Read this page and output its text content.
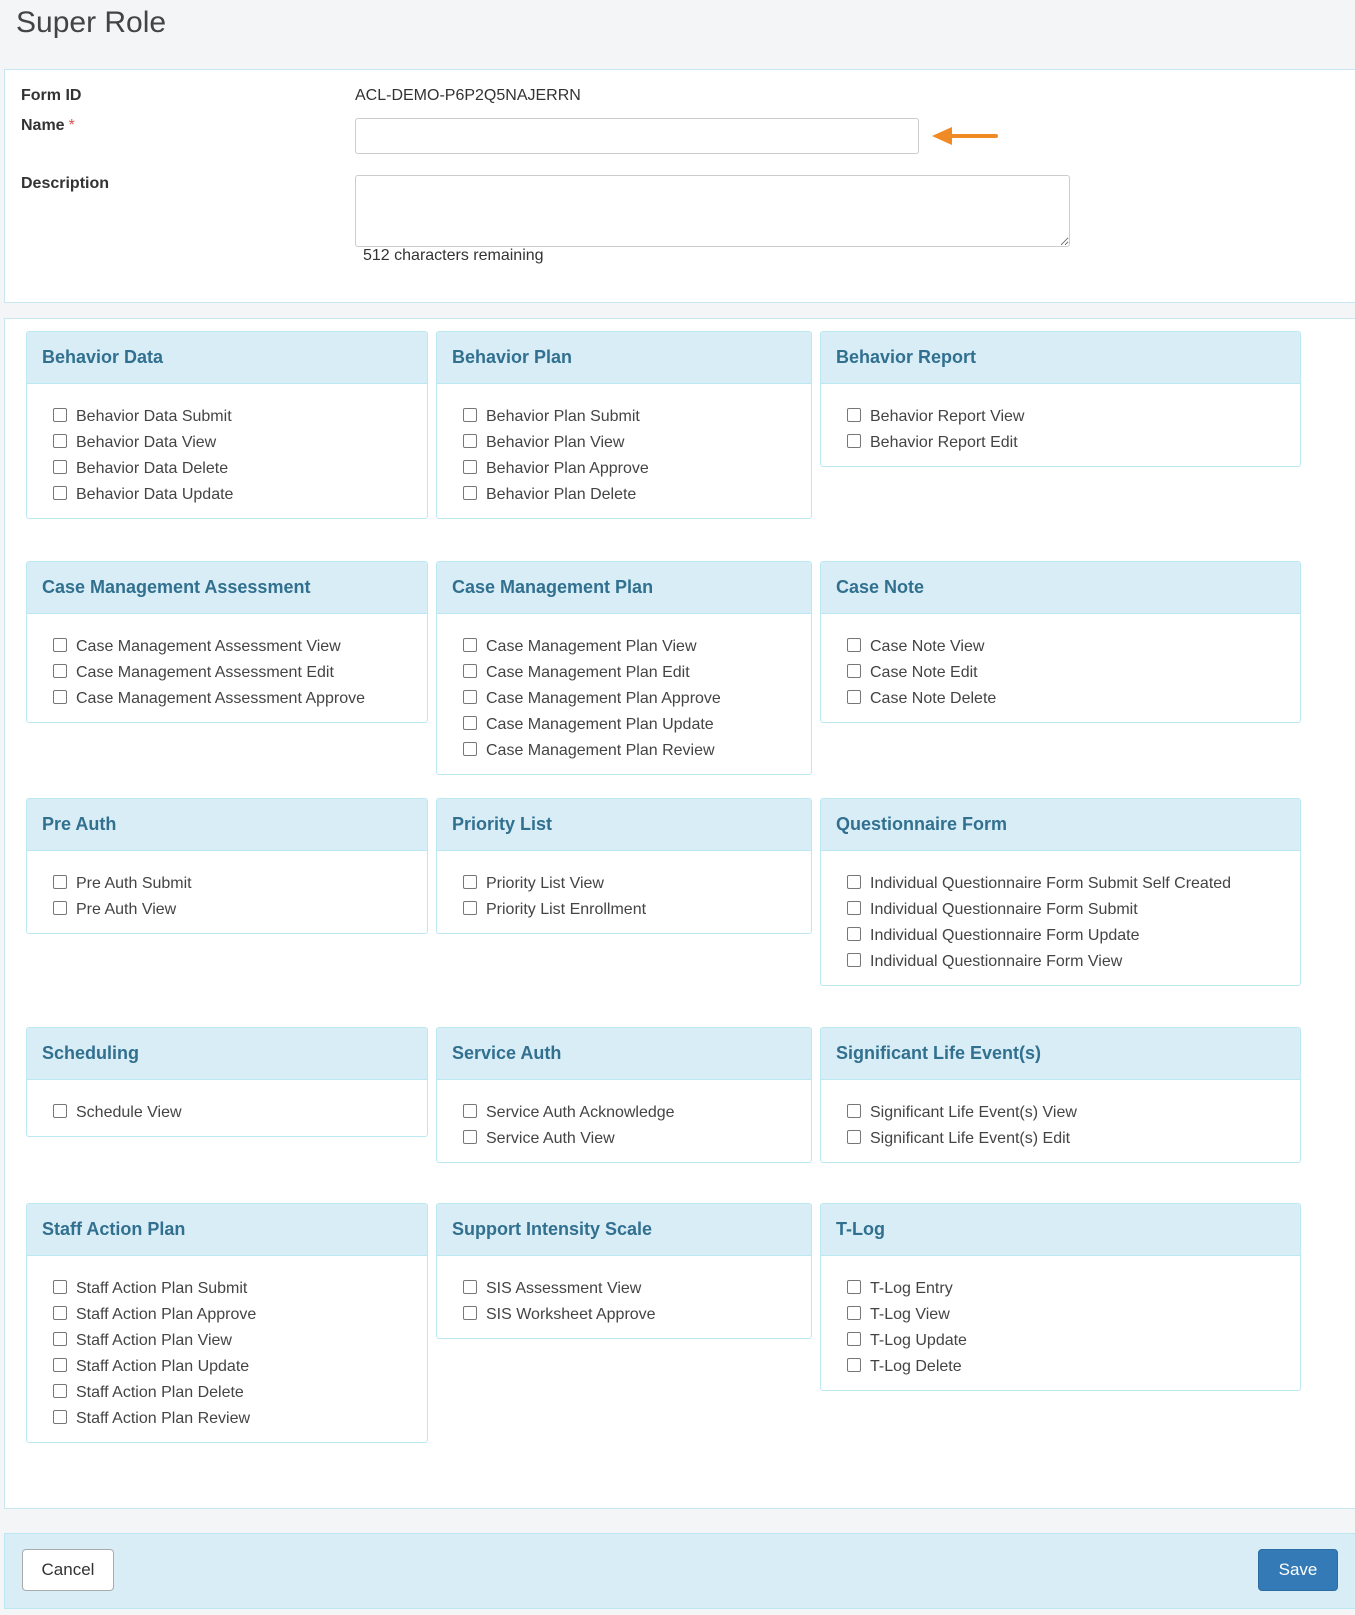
Super Role
Form ID	ACL-DEMO-P6P2Q5NAJERRN
Name *
Description
512 characters remaining
Behavior Data
Behavior Data Submit
Behavior Data View
Behavior Data Delete
Behavior Data Update
Behavior Plan
Behavior Plan Submit
Behavior Plan View
Behavior Plan Approve
Behavior Plan Delete
Behavior Report
Behavior Report View
Behavior Report Edit
Case Management Assessment
Case Management Assessment View
Case Management Assessment Edit
Case Management Assessment Approve
Case Management Plan
Case Management Plan View
Case Management Plan Edit
Case Management Plan Approve
Case Management Plan Update
Case Management Plan Review
Case Note
Case Note View
Case Note Edit
Case Note Delete
Pre Auth
Pre Auth Submit
Pre Auth View
Priority List
Priority List View
Priority List Enrollment
Questionnaire Form
Individual Questionnaire Form Submit Self Created
Individual Questionnaire Form Submit
Individual Questionnaire Form Update
Individual Questionnaire Form View
Scheduling
Schedule View
Service Auth
Service Auth Acknowledge
Service Auth View
Significant Life Event(s)
Significant Life Event(s) View
Significant Life Event(s) Edit
Staff Action Plan
Staff Action Plan Submit
Staff Action Plan Approve
Staff Action Plan View
Staff Action Plan Update
Staff Action Plan Delete
Staff Action Plan Review
Support Intensity Scale
SIS Assessment View
SIS Worksheet Approve
T-Log
T-Log Entry
T-Log View
T-Log Update
T-Log Delete
Cancel	Save
